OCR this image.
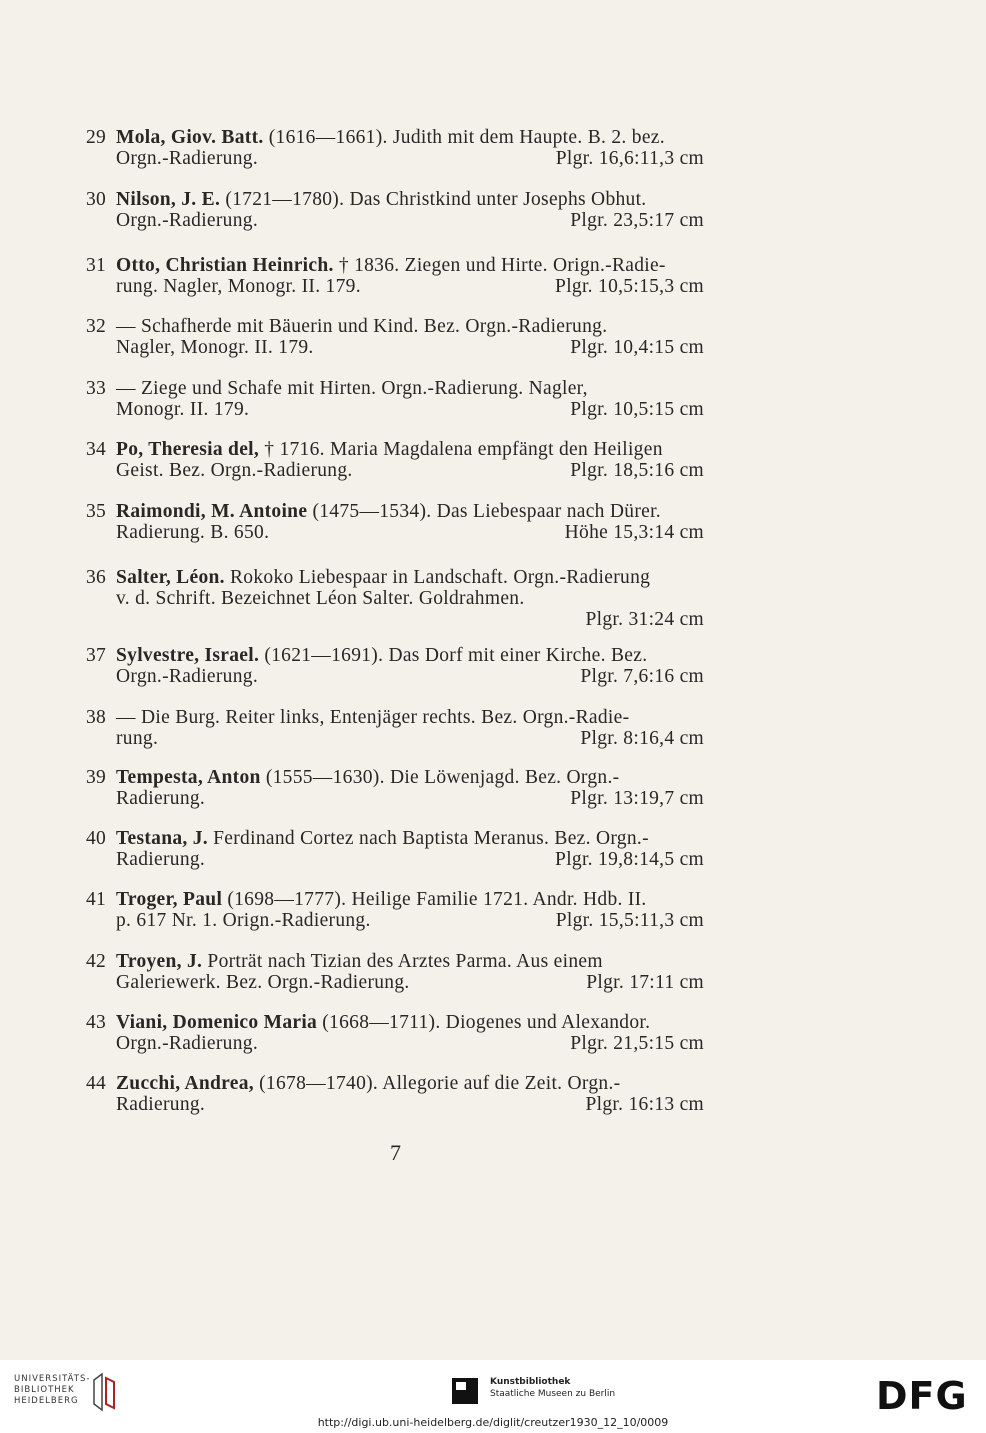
29 Mola, Giov. Batt. (1616—1661). Judith mit dem Haupte. B. 2. bez.
Orgn.-Radierung.	Plgr. 16,6:11,3 cm
30 Nilson, J. E. (1721—1780). Das Christkind unter Josephs Obhut.
Orgn.-Radierung.	Plgr. 23,5:17 cm
31 Otto, Christian Heinrich. † 1836. Ziegen und Hirte. Orign.-Radie-
rung. Nagler, Monogr. II. 179.	Plgr. 10,5:15,3 cm
32 — Schafherde mit Bäuerin und Kind. Bez. Orgn.-Radierung.
Nagler, Monogr. II. 179.	Plgr. 10,4:15 cm
33 — Ziege und Schafe mit Hirten. Orgn.-Radierung. Nagler,
Monogr. II. 179.	Plgr. 10,5:15 cm
34 Po, Theresia del, † 1716. Maria Magdalena empfängt den Heiligen
Geist. Bez. Orgn.-Radierung.	Plgr. 18,5:16 cm
35 Raimondi, M. Antoine (1475—1534). Das Liebespaar nach Dürer.
Radierung. B. 650.	Höhe 15,3:14 cm
36 Salter, Léon. Rokoko Liebespaar in Landschaft. Orgn.-Radierung
v. d. Schrift. Bezeichnet Léon Salter. Goldrahmen.
Plgr. 31:24 cm
37 Sylvestre, Israel. (1621—1691). Das Dorf mit einer Kirche. Bez.
Orgn.-Radierung.	Plgr. 7,6:16 cm
38 — Die Burg. Reiter links, Entenjäger rechts. Bez. Orgn.-Radie-
rung.	Plgr. 8:16,4 cm
39 Tempesta, Anton (1555—1630). Die Löwenjagd. Bez. Orgn.-
Radierung.	Plgr. 13:19,7 cm
40 Testana, J. Ferdinand Cortez nach Baptista Meranus. Bez. Orgn.-
Radierung.	Plgr. 19,8:14,5 cm
41 Troger, Paul (1698—1777). Heilige Familie 1721. Andr. Hdb. II.
p. 617 Nr. 1. Orign.-Radierung.	Plgr. 15,5:11,3 cm
42 Troyen, J. Porträt nach Tizian des Arztes Parma. Aus einem
Galeriewerk. Bez. Orgn.-Radierung.	Plgr. 17:11 cm
43 Viani, Domenico Maria (1668—1711). Diogenes und Alexandor.
Orgn.-Radierung.	Plgr. 21,5:15 cm
44 Zucchi, Andrea, (1678—1740). Allegorie auf die Zeit. Orgn.-
Radierung.	Plgr. 16:13 cm
7
UNIVERSITÄTS-
BIBLIOTHEK
HEIDELBERG
Kunstbibliothek
Staatliche Museen zu Berlin	DFG
http://digi.ub.uni-heidelberg.de/diglit/creutzer1930_12_10/0009
